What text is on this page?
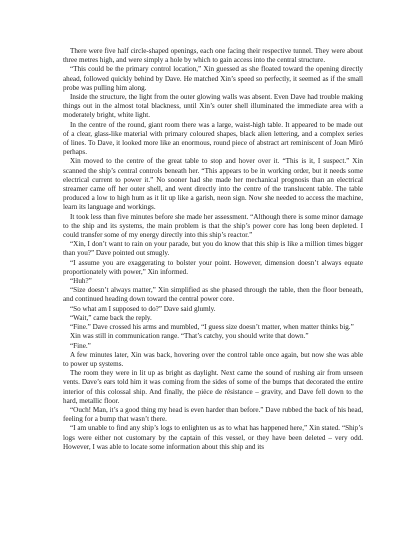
There were five half circle-shaped openings, each one facing their respective tunnel. They were about three metres high, and were simply a hole by which to gain access into the central structure.

“This could be the primary control location,” Xin guessed as she floated toward the opening directly ahead, followed quickly behind by Dave. He matched Xin’s speed so perfectly, it seemed as if the small probe was pulling him along.

Inside the structure, the light from the outer glowing walls was absent. Even Dave had trouble making things out in the almost total blackness, until Xin’s outer shell illuminated the immediate area with a moderately bright, white light.

In the centre of the round, giant room there was a large, waist-high table. It appeared to be made out of a clear, glass-like material with primary coloured shapes, black alien lettering, and a complex series of lines. To Dave, it looked more like an enormous, round piece of abstract art reminiscent of Joan Miró perhaps.

Xin moved to the centre of the great table to stop and hover over it. “This is it, I suspect.” Xin scanned the ship’s central controls beneath her. “This appears to be in working order, but it needs some electrical current to power it.” No sooner had she made her mechanical prognosis than an electrical streamer came off her outer shell, and went directly into the centre of the translucent table. The table produced a low to high hum as it lit up like a garish, neon sign. Now she needed to access the machine, learn its language and workings.

It took less than five minutes before she made her assessment. “Although there is some minor damage to the ship and its systems, the main problem is that the ship’s power core has long been depleted. I could transfer some of my energy directly into this ship’s reactor.”

“Xin, I don’t want to rain on your parade, but you do know that this ship is like a million times bigger than you?” Dave pointed out smugly.

“I assume you are exaggerating to bolster your point. However, dimension doesn’t always equate proportionately with power,” Xin informed.

“Huh?”

“Size doesn’t always matter,” Xin simplified as she phased through the table, then the floor beneath, and continued heading down toward the central power core.

“So what am I supposed to do?” Dave said glumly.

“Wait,” came back the reply.

“Fine.” Dave crossed his arms and mumbled, “I guess size doesn’t matter, when matter thinks big.”

Xin was still in communication range. “That’s catchy, you should write that down.”

“Fine.”

A few minutes later, Xin was back, hovering over the control table once again, but now she was able to power up systems.

The room they were in lit up as bright as daylight. Next came the sound of rushing air from unseen vents. Dave’s ears told him it was coming from the sides of some of the bumps that decorated the entire interior of this colossal ship. And finally, the pièce de résistance – gravity, and Dave fell down to the hard, metallic floor.

“Ouch! Man, it’s a good thing my head is even harder than before.” Dave rubbed the back of his head, feeling for a bump that wasn’t there.

“I am unable to find any ship’s logs to enlighten us as to what has happened here,” Xin stated. “Ship’s logs were either not customary by the captain of this vessel, or they have been deleted – very odd. However, I was able to locate some information about this ship and its
